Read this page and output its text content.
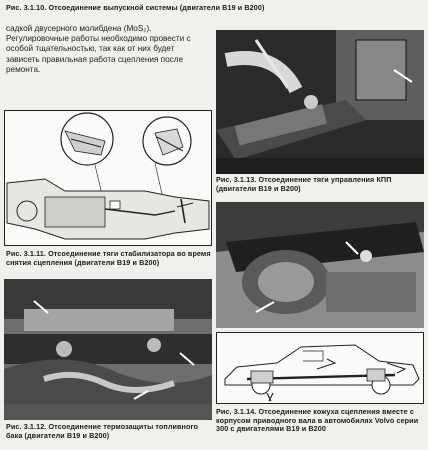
Рис. 3.1.10. Отсоединение выпускной системы (двигатели B19 и B200)
садкой двусерного молибдена (MoS₂). Регулировочные работы необходимо провести с особой тщательностью, так как от них будет зависеть правильная работа сцепления после ремонта.
Рис. 3.1.11. Отсоединение тяги стабилизатора во время снятия сцепления (двигатели B19 и B200)
Рис. 3.1.12. Отсоединение термозащиты топливного бака (двигатели B19 и B200)
Рис. 3.1.13. Отсоединение тяги управления КПП (двигатели B19 и B200)
Рис. 3.1.14. Отсоединение кожуха сцепления вместе с корпусом приводного вала в автомобилях Volvo серии 300 с двигателями B19 и B200
